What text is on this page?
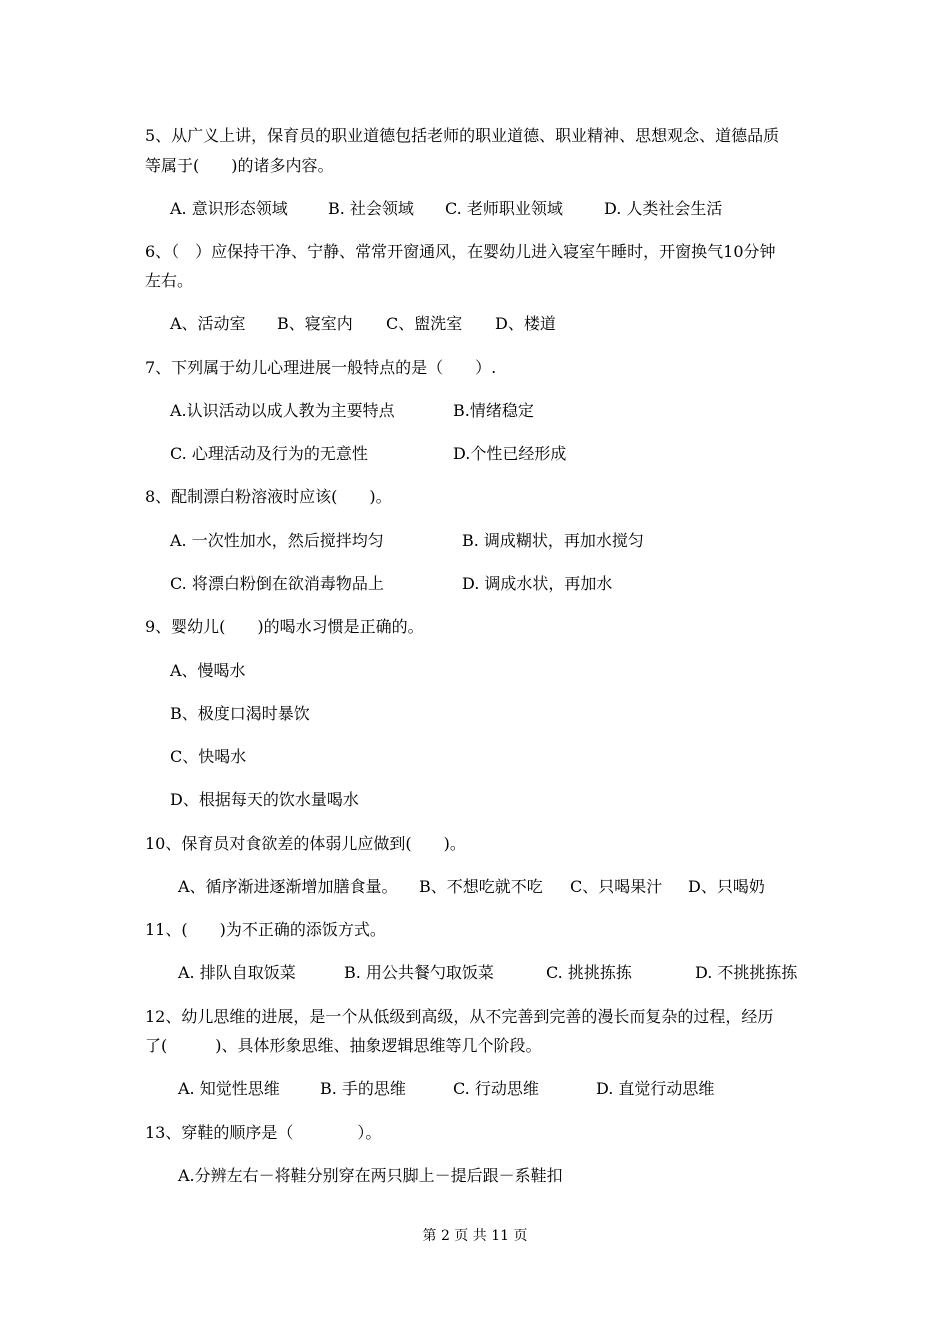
5、从广义上讲，保育员的职业道德包括老师的职业道德、职业精神、思想观念、道德品质
等属于(　　)的诸多内容。
A. 意识形态领域	B. 社会领域 C. 老师职业领域	D. 人类社会生活
6、（　）应保持干净、宁静、常常开窗通风，在婴幼儿进入寝室午睡时，开窗换气10分钟
左右。
A、活动室 B、寝室内 C、盥洗室 D、楼道
7、下列属于幼儿心理进展一般特点的是（　　）.
A.认识活动以成人教为主要特点	B.情绪稳定
C. 心理活动及行为的无意性	D.个性已经形成
8、配制漂白粉溶液时应该(　　)。
A. 一次性加水，然后搅拌均匀	B. 调成糊状，再加水搅匀
C. 将漂白粉倒在欲消毒物品上	D. 调成水状，再加水
9、婴幼儿(　　)的喝水习惯是正确的。
A、慢喝水
B、极度口渴时暴饮
C、快喝水
D、根据每天的饮水量喝水
10、保育员对食欲差的体弱儿应做到(　　)。
A、循序渐进逐渐增加膳食量。 B、不想吃就不吃 C、只喝果汁 D、只喝奶
11、(　　)为不正确的添饭方式。
A. 排队自取饭菜	B. 用公共餐勺取饭菜	C. 挑挑拣拣	D. 不挑挑拣拣
12、幼儿思维的进展，是一个从低级到高级，从不完善到完善的漫长而复杂的过程，经历
了(　　　)、具体形象思维、抽象逻辑思维等几个阶段。
A. 知觉性思维	B. 手的思维	C. 行动思维	D. 直觉行动思维
13、穿鞋的顺序是（　　　　）。
A.分辨左右－将鞋分别穿在两只脚上－提后跟－系鞋扣
第 2 页 共 11 页
